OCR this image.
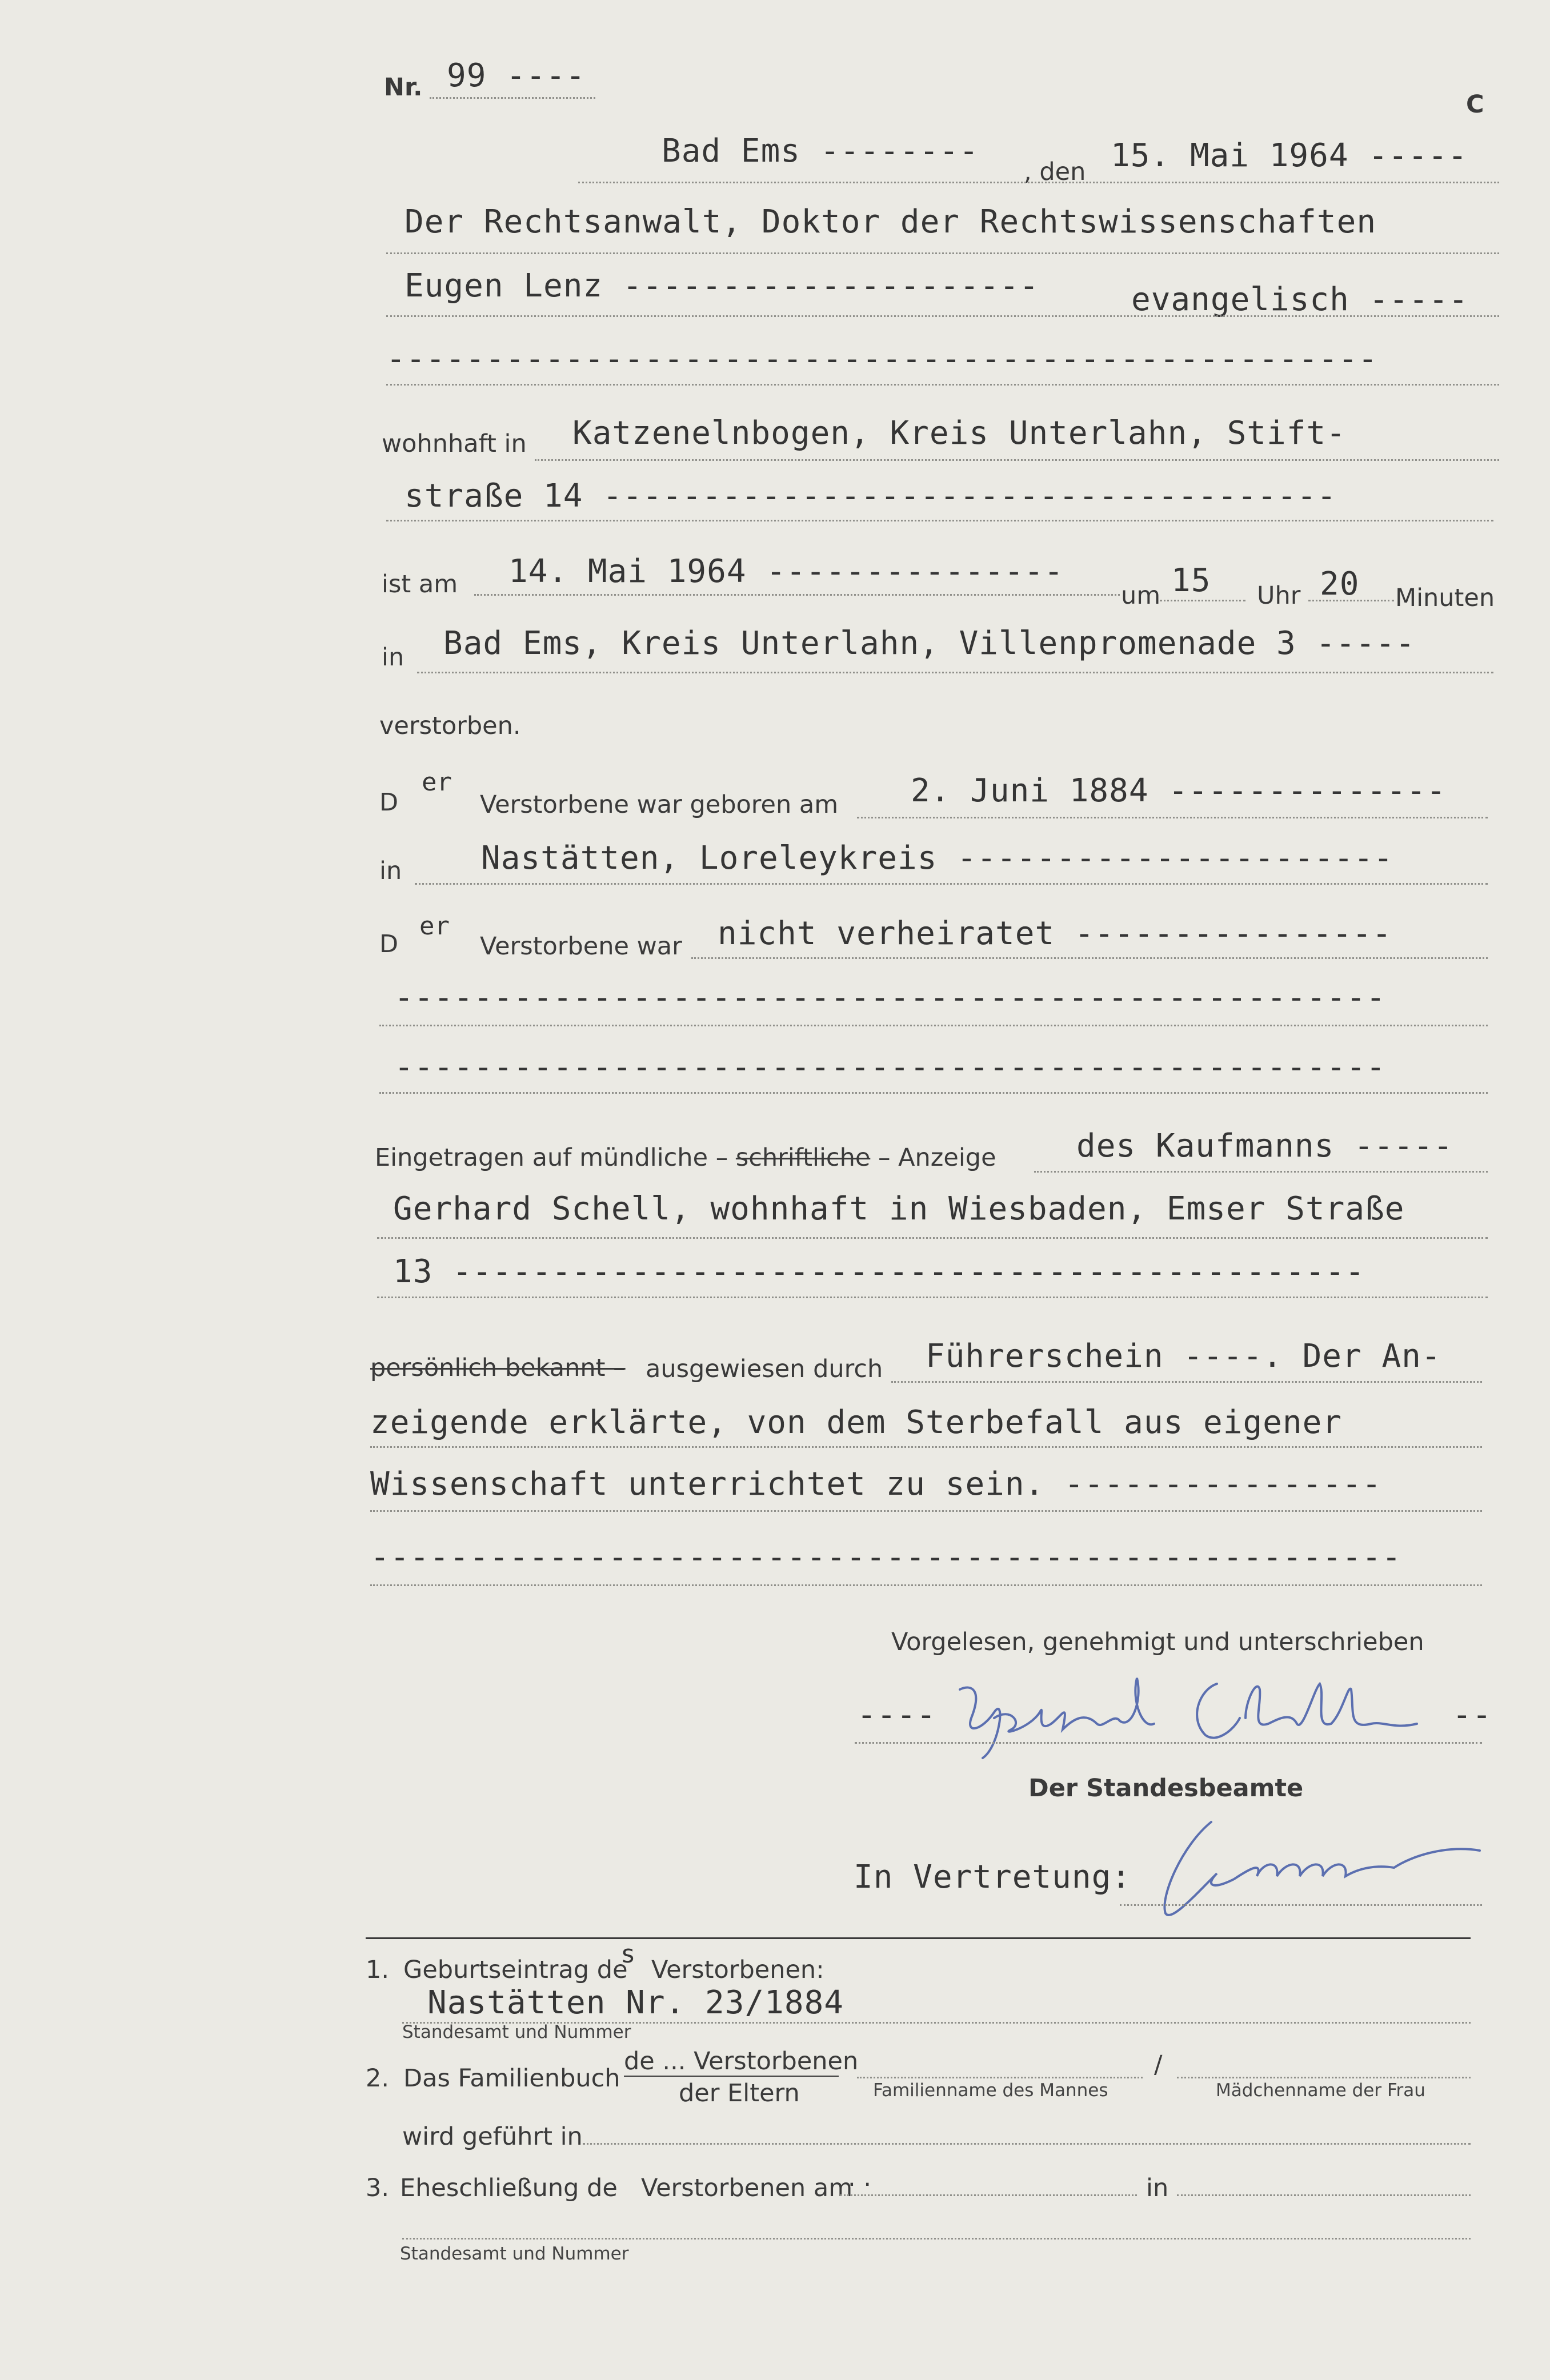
Nr. 99 ----
C
Bad Ems --------
, den 15. Mai 1964 -----
Der Rechtsanwalt, Doktor der Rechtswissenschaften
Eugen Lenz ---------------------	evangelisch -----
--------------------------------------------------
wohnhaft in Katzenelnbogen, Kreis Unterlahn, Stift-
straße 14 -------------------------------------
ist am 14. Mai 1964 ---------------
um 15 Uhr 20 Minuten
in Bad Ems, Kreis Unterlahn, Villenpromenade 3 -----
verstorben.
D
er
Verstorbene war geboren am 2. Juni 1884 --------------
in Nastätten, Loreleykreis ----------------------
D
er
Verstorbene war nicht verheiratet ----------------
--------------------------------------------------
--------------------------------------------------
Eingetragen auf mündliche – schriftliche – Anzeige	des Kaufmanns -----
Gerhard Schell, wohnhaft in Wiesbaden, Emser Straße
13 ----------------------------------------------
persönlich bekannt – ausgewiesen durch Führerschein ----. Der An-
zeigende erklärte, von dem Sterbefall aus eigener
Wissenschaft unterrichtet zu sein. ----------------
----------------------------------------------------
Vorgelesen, genehmigt und unterschrieben
----	--
Der Standesbeamte
In Vertretung:
1. Geburtseintrag de
s
Verstorbenen:
Nastätten Nr. 23/1884
Standesamt und Nummer
2. Das Familienbuch
de ... Verstorbenen
der Eltern	Familienname des Mannes
/
Mädchenname der Frau
wird geführt in
3. Eheschließung de Verstorbenen am
· ·	in
Standesamt und Nummer
